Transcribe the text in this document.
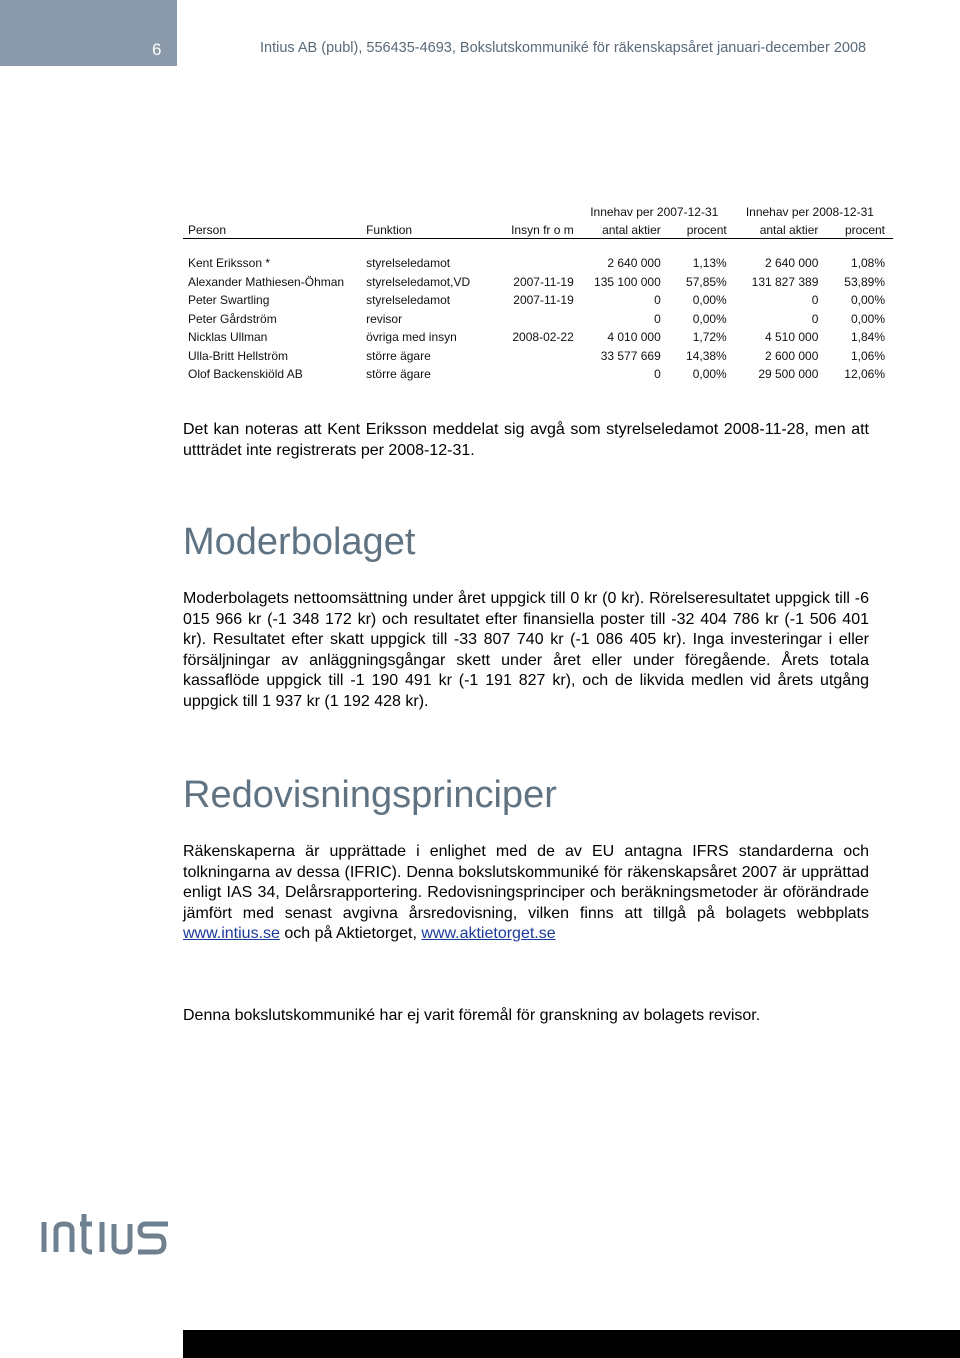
6	Intius AB (publ), 556435-4693, Bokslutskommuniké för räkenskapsåret januari-december 2008
			Innehav per 2007-12-31		Innehav per 2008-12-31	
Person	Funktion	Insyn fr o m	antal aktier	procent	antal aktier	procent

Kent Eriksson *	styrelseledamot		2 640 000	1,13%	2 640 000	1,08%
Alexander Mathiesen-Öhman	styrelseledamot,VD	2007-11-19	135 100 000	57,85%	131 827 389	53,89%
Peter Swartling	styrelseledamot	2007-11-19	0	0,00%	0	0,00%
Peter Gårdström	revisor		0	0,00%	0	0,00%
Nicklas Ullman	övriga med insyn	2008-02-22	4 010 000	1,72%	4 510 000	1,84%
Ulla-Britt Hellström	större ägare		33 577 669	14,38%	2 600 000	1,06%
Olof Backenskiöld AB	större ägare		0	0,00%	29 500 000	12,06%

Det kan noteras att Kent Eriksson meddelat sig avgå som styrelseledamot 2008-11-28, men att uttträdet inte registrerats per 2008-12-31.

Moderbolaget

Moderbolagets nettoomsättning under året uppgick till 0 kr (0 kr). Rörelseresultatet uppgick till -6 015 966 kr (-1 348 172 kr) och resultatet efter finansiella poster till -32 404 786 kr (-1 506 401 kr). Resultatet efter skatt uppgick till -33 807 740 kr (-1 086 405 kr). Inga investeringar i eller försäljningar av anläggningsgångar skett under året eller under föregående. Årets totala kassaflöde uppgick till -1 190 491 kr (-1 191 827 kr), och de likvida medlen vid årets utgång uppgick till 1 937 kr (1 192 428 kr).

Redovisningsprinciper

Räkenskaperna är upprättade i enlighet med de av EU antagna IFRS standarderna och tolkningarna av dessa (IFRIC). Denna bokslutskommuniké för räkenskapsåret 2007 är upprättad enligt IAS 34, Delårsrapportering. Redovisningsprinciper och beräkningsmetoder är oförändrade jämfört med senast avgivna årsredovisning, vilken finns att tillgå på bolagets webbplats www.intius.se och på Aktietorget, www.aktietorget.se

Denna bokslutskommuniké har ej varit föremål för granskning av bolagets revisor.
